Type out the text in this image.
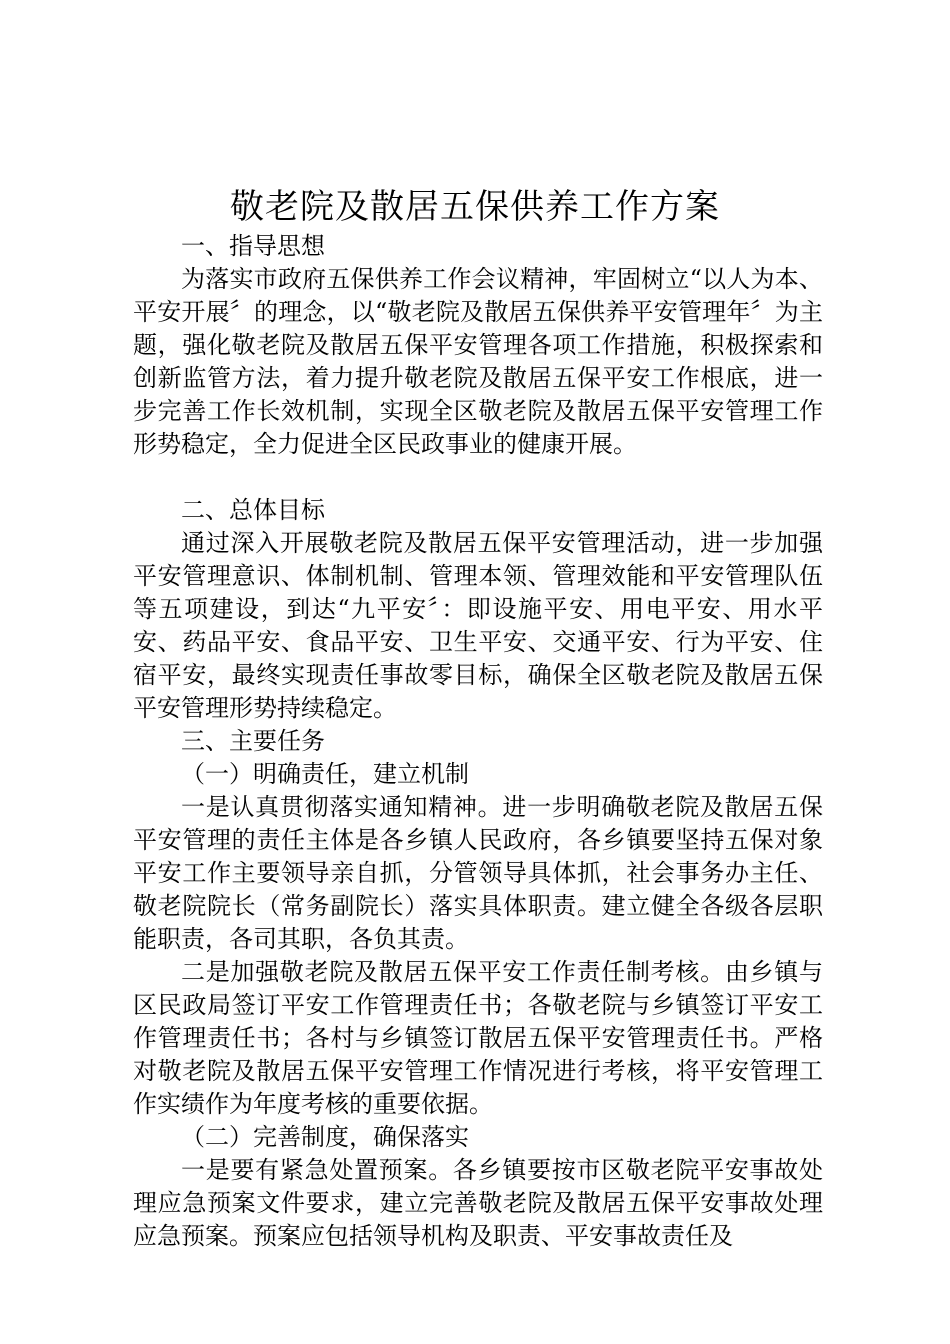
敬老院及散居五保供养工作方案

一、指导思想

为落实市政府五保供养工作会议精神，牢固树立“以人为本、平安开展〞的理念，以“敬老院及散居五保供养平安管理年〞为主题，强化敬老院及散居五保平安管理各项工作措施，积极探索和创新监管方法，着力提升敬老院及散居五保平安工作根底，进一步完善工作长效机制，实现全区敬老院及散居五保平安管理工作形势稳定，全力促进全区民政事业的健康开展。

二、总体目标

通过深入开展敬老院及散居五保平安管理活动，进一步加强平安管理意识、体制机制、管理本领、管理效能和平安管理队伍等五项建设，到达“九平安〞：即设施平安、用电平安、用水平安、药品平安、食品平安、卫生平安、交通平安、行为平安、住宿平安，最终实现责任事故零目标，确保全区敬老院及散居五保平安管理形势持续稳定。

三、主要任务

（一）明确责任，建立机制

一是认真贯彻落实通知精神。进一步明确敬老院及散居五保平安管理的责任主体是各乡镇人民政府，各乡镇要坚持五保对象平安工作主要领导亲自抓，分管领导具体抓，社会事务办主任、敬老院院长（常务副院长）落实具体职责。建立健全各级各层职能职责，各司其职，各负其责。

二是加强敬老院及散居五保平安工作责任制考核。由乡镇与区民政局签订平安工作管理责任书；各敬老院与乡镇签订平安工作管理责任书；各村与乡镇签订散居五保平安管理责任书。严格对敬老院及散居五保平安管理工作情况进行考核，将平安管理工作实绩作为年度考核的重要依据。

（二）完善制度，确保落实

一是要有紧急处置预案。各乡镇要按市区敬老院平安事故处理应急预案文件要求，建立完善敬老院及散居五保平安事故处理应急预案。预案应包括领导机构及职责、平安事故责任及
